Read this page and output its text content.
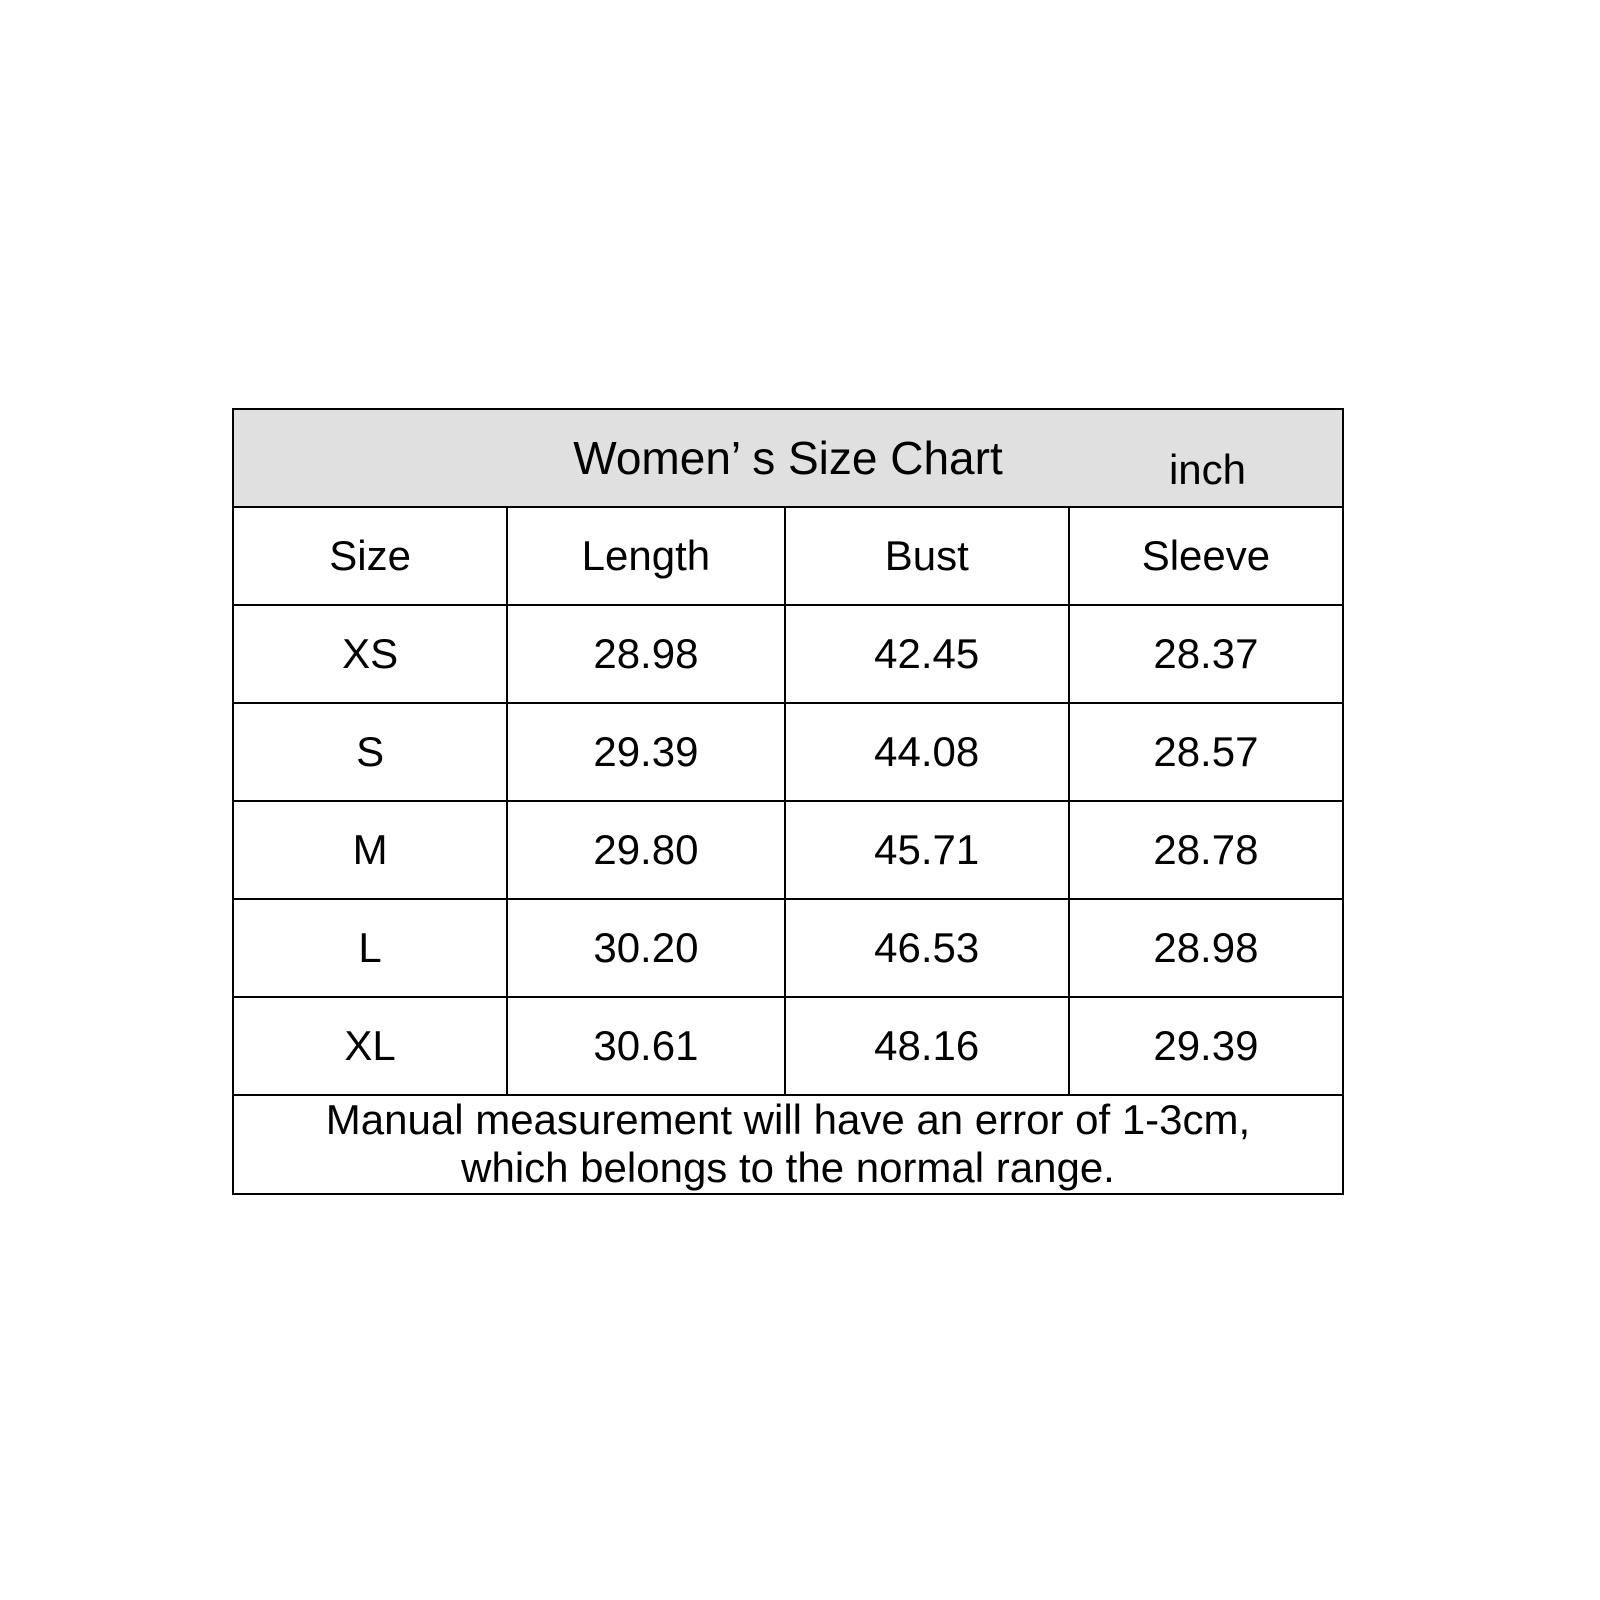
Women’ s Size Chart inch			

Size	Length	Bust	Sleeve
XS	28.98	42.45	28.37
S	29.39	44.08	28.57
M	29.80	45.71	28.78
L	30.20	46.53	28.98
XL	30.61	48.16	29.39

Manual measurement will have an error of 1-3cm,
which belongs to the normal range.			
